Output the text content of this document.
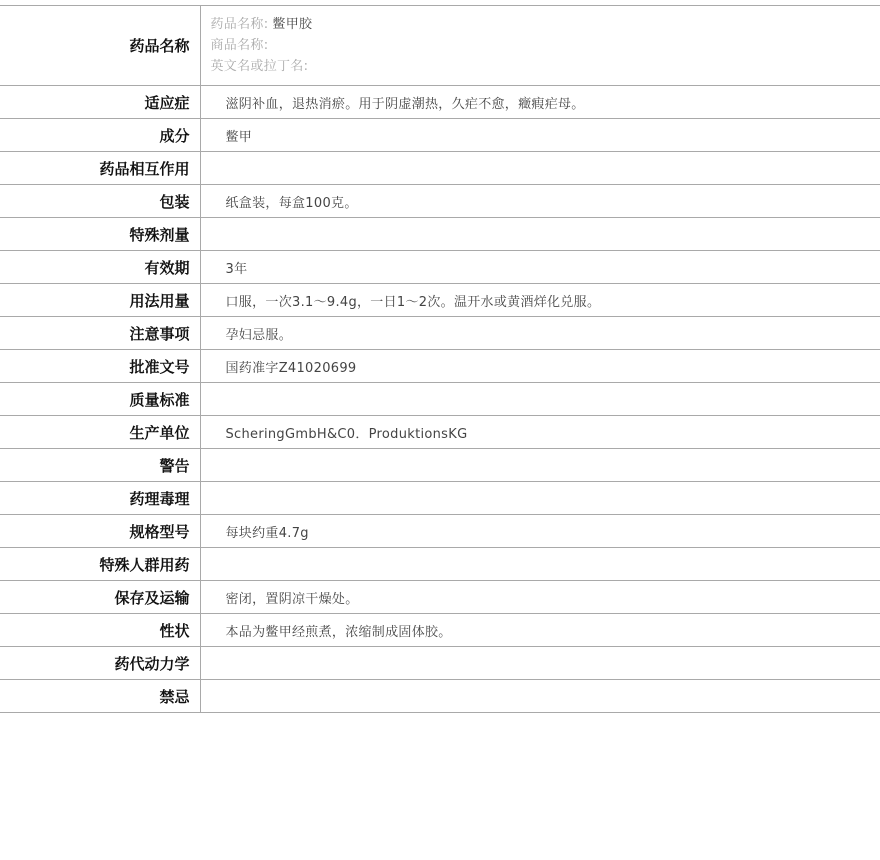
药品名称	药品名称: 鳖甲胶
商品名称:
英文名或拉丁名:

适应症	滋阴补血，退热消瘀。用于阴虚潮热，久疟不愈，癥瘕疟母。
成分	鳖甲
药品相互作用	
包装	纸盒装，每盒100克。
特殊剂量	
有效期	3年
用法用量	口服，一次3.1～9.4g，一日1～2次。温开水或黄酒烊化兑服。
注意事项	孕妇忌服。
批准文号	国药准字Z41020699
质量标准	
生产单位	ScheringGmbH&C0．ProduktionsKG
警告	
药理毒理	
规格型号	每块约重4.7g
特殊人群用药	
保存及运输	密闭，置阴凉干燥处。
性状	本品为鳖甲经煎煮，浓缩制成固体胶。
药代动力学	
禁忌	
